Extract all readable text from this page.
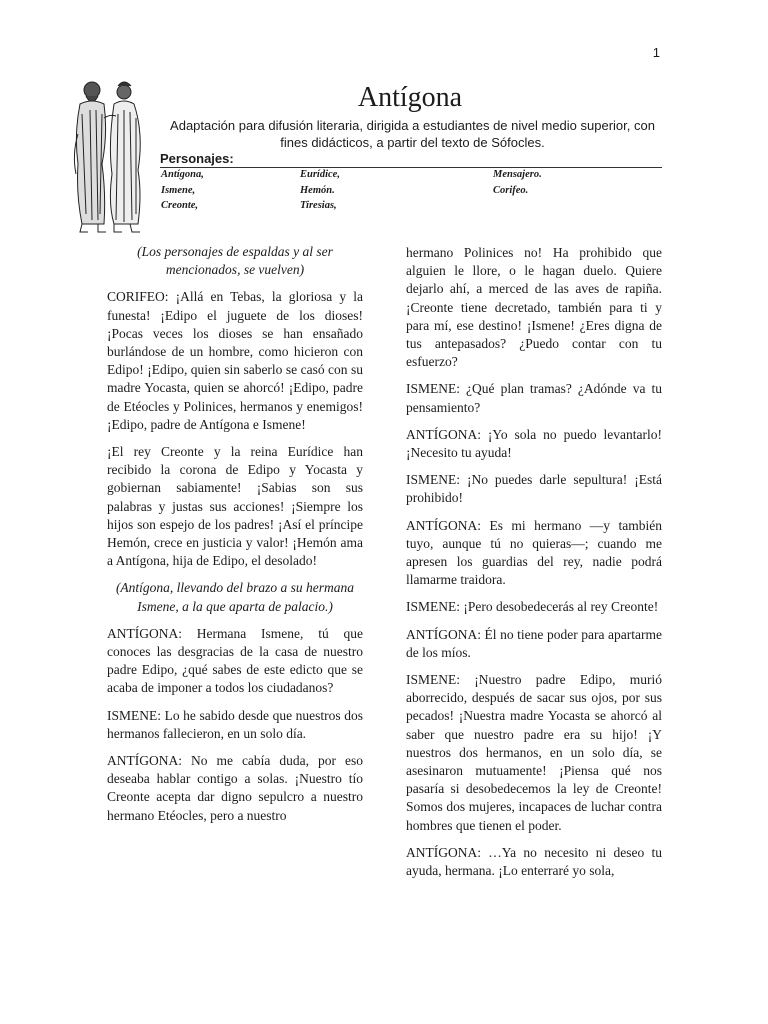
1
Antígona
Adaptación para difusión literaria, dirigida a estudiantes de nivel medio superior, con fines didácticos, a partir del texto de Sófocles.
Personajes:
Antígona,
Ismene,
Creonte,
Eurídice,
Hemón.
Tiresias,
Mensajero.
Corifeo.

(Los personajes de espaldas y al ser mencionados, se vuelven)

CORIFEO: ¡Allá en Tebas, la gloriosa y la funesta! ¡Edipo el juguete de los dioses! ¡Pocas veces los dioses se han ensañado burlándose de un hombre, como hicieron con Edipo! ¡Edipo, quien sin saberlo se casó con su madre Yocasta, quien se ahorcó! ¡Edipo, padre de Etéocles y Polinices, hermanos y enemigos! ¡Edipo, padre de Antígona e Ismene!

¡El rey Creonte y la reina Eurídice han recibido la corona de Edipo y Yocasta y gobiernan sabiamente! ¡Sabias son sus palabras y justas sus acciones! ¡Siempre los hijos son espejo de los padres! ¡Así el príncipe Hemón, crece en justicia y valor! ¡Hemón ama a Antígona, hija de Edipo, el desolado!

(Antígona, llevando del brazo a su hermana Ismene, a la que aparta de palacio.)

ANTÍGONA: Hermana Ismene, tú que conoces las desgracias de la casa de nuestro padre Edipo, ¿qué sabes de este edicto que se acaba de imponer a todos los ciudadanos?

ISMENE: Lo he sabido desde que nuestros dos hermanos fallecieron, en un solo día.

ANTÍGONA: No me cabía duda, por eso deseaba hablar contigo a solas. ¡Nuestro tío Creonte acepta dar digno sepulcro a nuestro hermano Etéocles, pero a nuestro

hermano Polinices no! Ha prohibido que alguien le llore, o le hagan duelo. Quiere dejarlo ahí, a merced de las aves de rapiña. ¡Creonte tiene decretado, también para ti y para mí, ese destino! ¡Ismene! ¿Eres digna de tus antepasados? ¿Puedo contar con tu esfuerzo?

ISMENE: ¿Qué plan tramas? ¿Adónde va tu pensamiento?

ANTÍGONA: ¡Yo sola no puedo levantarlo! ¡Necesito tu ayuda!

ISMENE: ¡No puedes darle sepultura! ¡Está prohibido!

ANTÍGONA: Es mi hermano —y también tuyo, aunque tú no quieras—; cuando me apresen los guardias del rey, nadie podrá llamarme traidora.

ISMENE: ¡Pero desobedecerás al rey Creonte!

ANTÍGONA: Él no tiene poder para apartarme de los míos.

ISMENE: ¡Nuestro padre Edipo, murió aborrecido, después de sacar sus ojos, por sus pecados! ¡Nuestra madre Yocasta se ahorcó al saber que nuestro padre era su hijo! ¡Y nuestros dos hermanos, en un solo día, se asesinaron mutuamente! ¡Piensa qué nos pasaría si desobedecemos la ley de Creonte! Somos dos mujeres, incapaces de luchar contra hombres que tienen el poder.

ANTÍGONA: …Ya no necesito ni deseo tu ayuda, hermana. ¡Lo enterraré yo sola,
